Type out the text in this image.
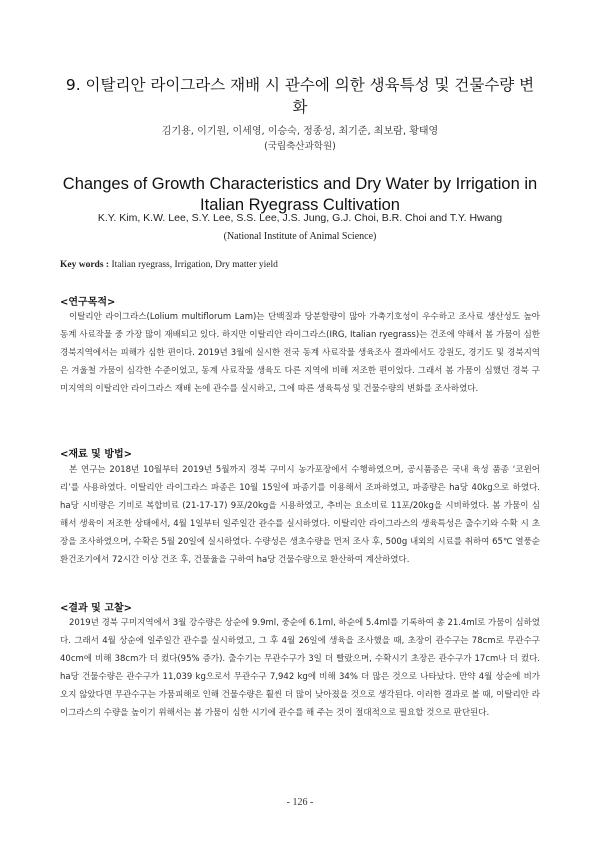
9. 이탈리안 라이그라스 재배 시 관수에 의한 생육특성 및 건물수량 변화
김기용, 이기원, 이세영, 이승숙, 정종성, 최기준, 최보람, 황태영
(국립축산과학원)
Changes of Growth Characteristics and Dry Water by Irrigation in Italian Ryegrass Cultivation
K.Y. Kim, K.W. Lee, S.Y. Lee, S.S. Lee, J.S. Jung, G.J. Choi, B.R. Choi and T.Y. Hwang
(National Institute of Animal Science)
Key words : Italian ryegrass, Irrigation, Dry matter yield
<연구목적>

이탈리안 라이그라스(Lolium multiflorum Lam)는 단백질과 당분함량이 많아 가축기호성이 우수하고 조사료 생산성도 높아 동계 사료작물 중 가장 많이 재배되고 있다. 하지만 이탈리안 라이그라스(IRG, Italian ryegrass)는 건조에 약해서 봄 가뭄이 심한 경북지역에서는 피해가 심한 편이다. 2019년 3월에 실시한 전국 동계 사료작물 생육조사 결과에서도 강원도, 경기도 및 경북지역은 겨울철 가뭄이 심각한 수준이었고, 동계 사료작물 생육도 다른 지역에 비해 저조한 편이었다. 그래서 봄 가뭄이 심했던 경북 구미지역의 이탈리안 라이그라스 재배 논에 관수를 실시하고, 그에 따른 생육특성 및 건물수량의 변화를 조사하였다.

<재료 및 방법>

본 연구는 2018년 10월부터 2019년 5월까지 경북 구미시 농가포장에서 수행하였으며, 공시품종은 국내 육성 품종 ‘코윈어리’를 사용하였다. 이탈리안 라이그라스 파종은 10월 15일에 파종기를 이용해서 조파하였고, 파종량은 ha당 40kg으로 하였다. ha당 시비량은 기비로 복합비료 (21-17-17) 9포/20kg을 시용하였고, 추비는 요소비료 11포/20kg을 시비하였다. 봄 가뭄이 심해서 생육이 저조한 상태에서, 4월 1일부터 일주일간 관수를 실시하였다. 이탈리안 라이그라스의 생육특성은 출수기와 수확 시 초장을 조사하였으며, 수확은 5월 20일에 실시하였다. 수량성은 생초수량을 먼저 조사 후, 500g 내외의 시료를 취하여 65℃ 열풍순환건조기에서 72시간 이상 건조 후, 건물율을 구하여 ha당 건물수량으로 환산하여 계산하였다.

<결과 및 고찰>

2019년 경북 구미지역에서 3월 강수량은 상순에 9.9ml, 중순에 6.1ml, 하순에 5.4ml를 기록하여 총 21.4ml로 가뭄이 심하였다. 그래서 4월 상순에 일주일간 관수를 실시하였고, 그 후 4월 26일에 생육을 조사했을 때, 초장이 관수구는 78cm로 무관수구 40cm에 비해 38cm가 더 컸다(95% 증가). 출수기는 무관수구가 3일 더 빨랐으며, 수확시기 초장은 관수구가 17cm나 더 컸다. ha당 건물수량은 관수구가 11,039 kg으로서 무관수구 7,942 kg에 비해 34% 더 많은 것으로 나타났다. 만약 4월 상순에 비가 오지 않았다면 무관수구는 가뭄피해로 인해 건물수량은 훨씬 더 많이 낮아졌을 것으로 생각된다. 이러한 결과로 볼 때, 이탈리안 라이그라스의 수량을 높이기 위해서는 봄 가뭄이 심한 시기에 관수를 해 주는 것이 절대적으로 필요할 것으로 판단된다.

- 126 -
